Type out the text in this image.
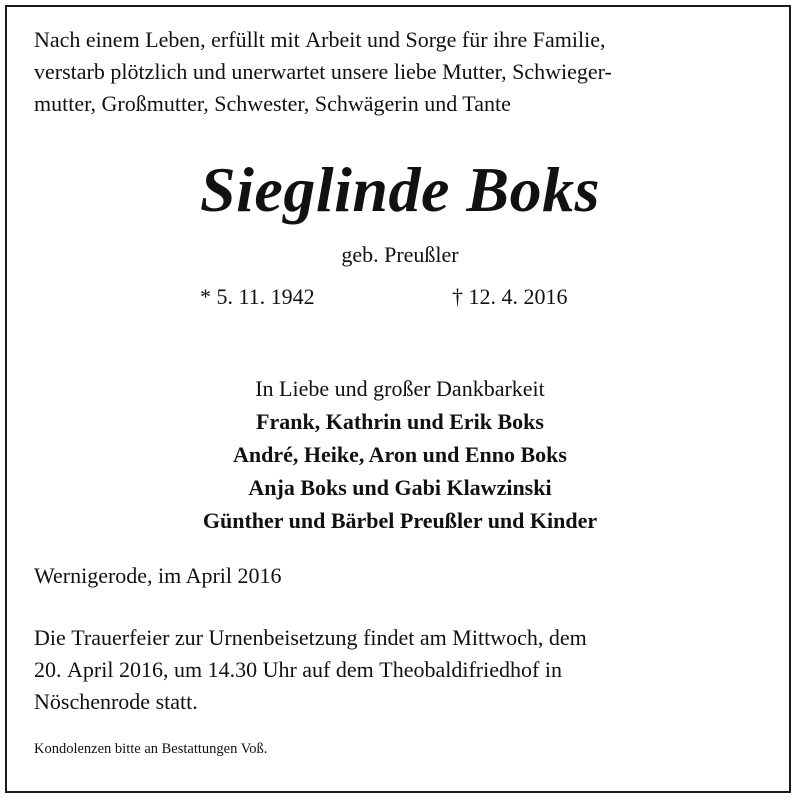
Nach einem Leben, erfüllt mit Arbeit und Sorge für ihre Familie,
verstarb plötzlich und unerwartet unsere liebe Mutter, Schwieger-
mutter, Großmutter, Schwester, Schwägerin und Tante
Sieglinde Boks
geb. Preußler
* 5. 11. 1942	† 12. 4. 2016
In Liebe und großer Dankbarkeit
Frank, Kathrin und Erik Boks
André, Heike, Aron und Enno Boks
Anja Boks und Gabi Klawzinski
Günther und Bärbel Preußler und Kinder
Wernigerode, im April 2016
Die Trauerfeier zur Urnenbeisetzung findet am Mittwoch, dem
20. April 2016, um 14.30 Uhr auf dem Theobaldifriedhof in
Nöschenrode statt.
Kondolenzen bitte an Bestattungen Voß.
